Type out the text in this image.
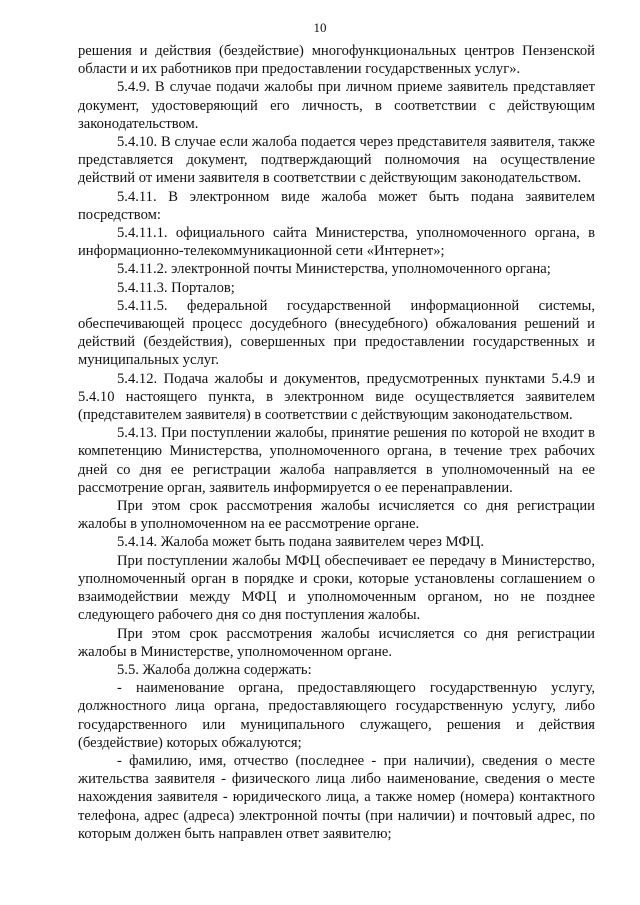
10

решения и действия (бездействие) многофункциональных центров Пензенской области и их работников при предоставлении государственных услуг».

5.4.9. В случае подачи жалобы при личном приеме заявитель представляет документ, удостоверяющий его личность, в соответствии с действующим законодательством.

5.4.10. В случае если жалоба подается через представителя заявителя, также представляется документ, подтверждающий полномочия на осуществление действий от имени заявителя в соответствии с действующим законодательством.

5.4.11. В электронном виде жалоба может быть подана заявителем посредством:

5.4.11.1. официального сайта Министерства, уполномоченного органа, в информационно-телекоммуникационной сети «Интернет»;

5.4.11.2. электронной почты Министерства, уполномоченного органа;

5.4.11.3. Порталов;

5.4.11.5. федеральной государственной информационной системы, обеспечивающей процесс досудебного (внесудебного) обжалования решений и действий (бездействия), совершенных при предоставлении государственных и муниципальных услуг.

5.4.12. Подача жалобы и документов, предусмотренных пунктами 5.4.9 и 5.4.10 настоящего пункта, в электронном виде осуществляется заявителем (представителем заявителя) в соответствии с действующим законодательством.

5.4.13. При поступлении жалобы, принятие решения по которой не входит в компетенцию Министерства, уполномоченного органа, в течение трех рабочих дней со дня ее регистрации жалоба направляется в уполномоченный на ее рассмотрение орган, заявитель информируется о ее перенаправлении.

При этом срок рассмотрения жалобы исчисляется со дня регистрации жалобы в уполномоченном на ее рассмотрение органе.

5.4.14. Жалоба может быть подана заявителем через МФЦ.

При поступлении жалобы МФЦ обеспечивает ее передачу в Министерство, уполномоченный орган в порядке и сроки, которые установлены соглашением о взаимодействии между МФЦ и уполномоченным органом, но не позднее следующего рабочего дня со дня поступления жалобы.

При этом срок рассмотрения жалобы исчисляется со дня регистрации жалобы в Министерстве, уполномоченном органе.

5.5. Жалоба должна содержать:

- наименование органа, предоставляющего государственную услугу, должностного лица органа, предоставляющего государственную услугу, либо государственного или муниципального служащего, решения и действия (бездействие) которых обжалуются;

- фамилию, имя, отчество (последнее - при наличии), сведения о месте жительства заявителя - физического лица либо наименование, сведения о месте нахождения заявителя - юридического лица, а также номер (номера) контактного телефона, адрес (адреса) электронной почты (при наличии) и почтовый адрес, по которым должен быть направлен ответ заявителю;
